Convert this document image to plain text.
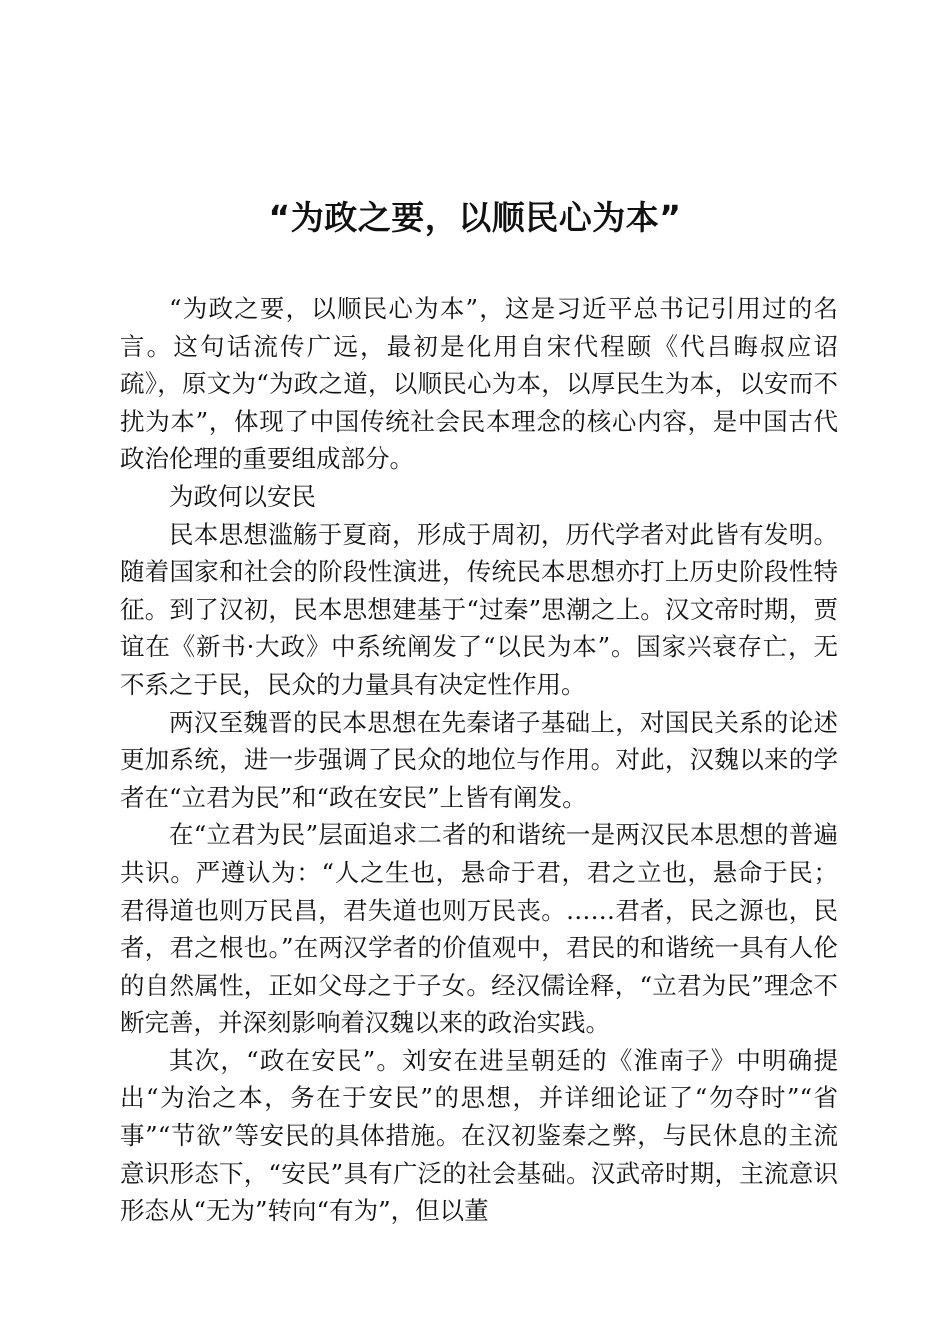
“为政之要，以顺民心为本”

“为政之要，以顺民心为本”，这是习近平总书记引用过的名言。这句话流传广远，最初是化用自宋代程颐《代吕晦叔应诏疏》，原文为“为政之道，以顺民心为本，以厚民生为本，以安而不扰为本”，体现了中国传统社会民本理念的核心内容，是中国古代政治伦理的重要组成部分。

为政何以安民

民本思想滥觞于夏商，形成于周初，历代学者对此皆有发明。随着国家和社会的阶段性演进，传统民本思想亦打上历史阶段性特征。到了汉初，民本思想建基于“过秦”思潮之上。汉文帝时期，贾谊在《新书·大政》中系统阐发了“以民为本”。国家兴衰存亡，无不系之于民，民众的力量具有决定性作用。

两汉至魏晋的民本思想在先秦诸子基础上，对国民关系的论述更加系统，进一步强调了民众的地位与作用。对此，汉魏以来的学者在“立君为民”和“政在安民”上皆有阐发。

在“立君为民”层面追求二者的和谐统一是两汉民本思想的普遍共识。严遵认为：“人之生也，悬命于君，君之立也，悬命于民；君得道也则万民昌，君失道也则万民丧。……君者，民之源也，民者，君之根也。”在两汉学者的价值观中，君民的和谐统一具有人伦的自然属性，正如父母之于子女。经汉儒诠释，“立君为民”理念不断完善，并深刻影响着汉魏以来的政治实践。

其次，“政在安民”。刘安在进呈朝廷的《淮南子》中明确提出“为治之本，务在于安民”的思想，并详细论证了“勿夺时”“省事”“节欲”等安民的具体措施。在汉初鉴秦之弊，与民休息的主流意识形态下，“安民”具有广泛的社会基础。汉武帝时期，主流意识形态从“无为”转向“有为”，但以董
